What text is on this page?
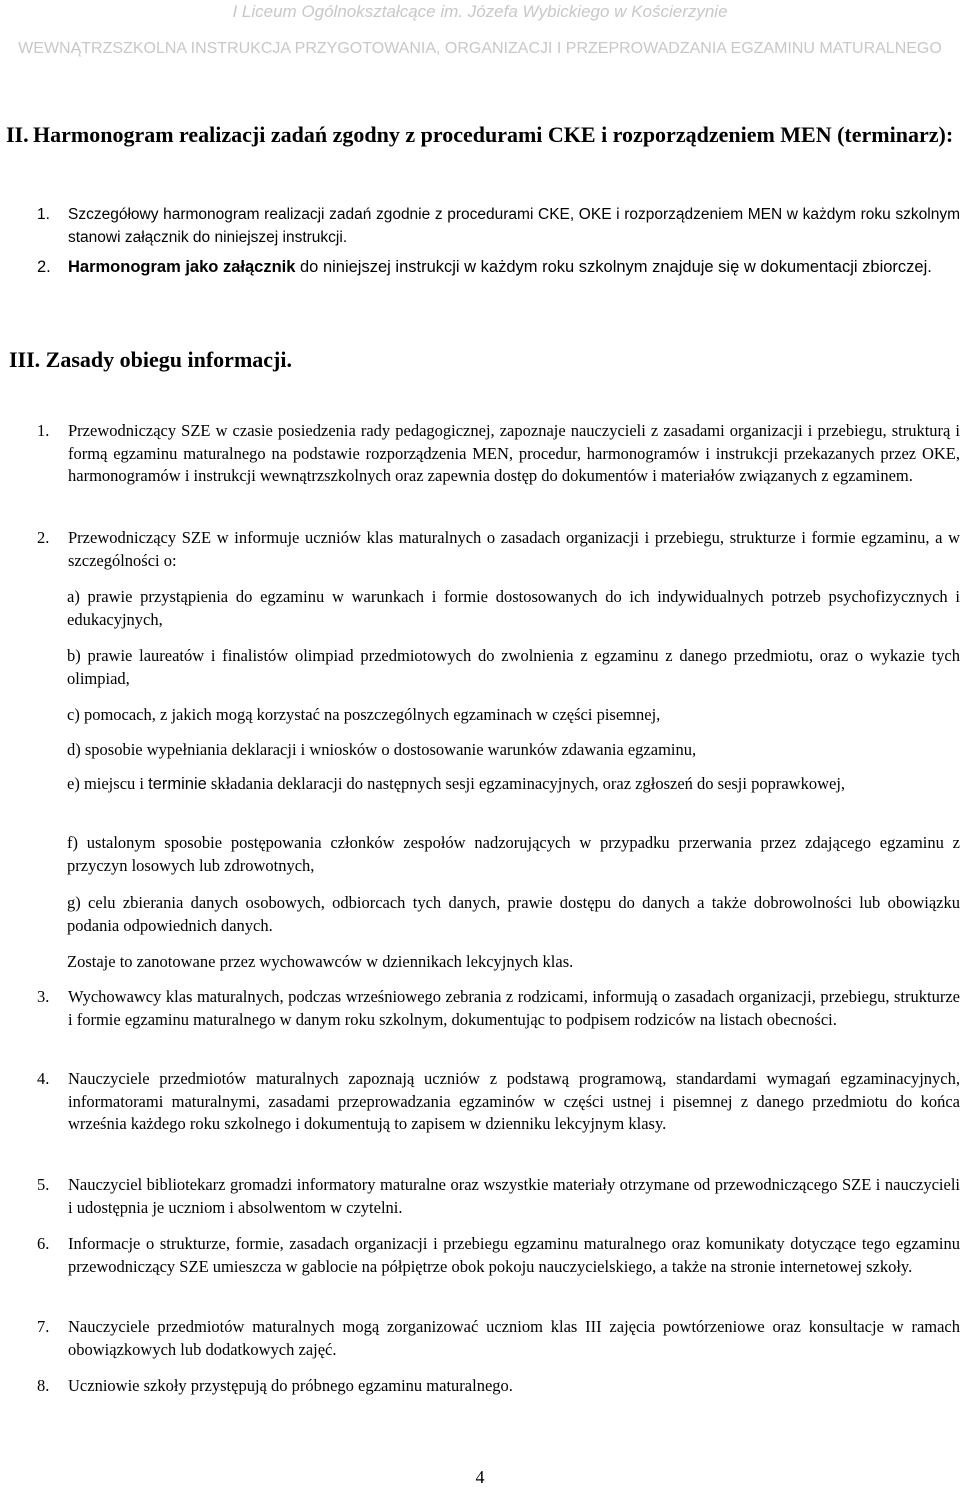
I Liceum Ogólnokształcące im. Józefa Wybickiego w Kościerzynie
WEWNĄTRZSZKOLNA INSTRUKCJA PRZYGOTOWANIA, ORGANIZACJI I PRZEPROWADZANIA EGZAMINU MATURALNEGO
II. Harmonogram realizacji zadań zgodny z procedurami CKE i rozporządzeniem MEN (terminarz):
1. Szczegółowy harmonogram realizacji zadań zgodnie z procedurami CKE, OKE i rozporządzeniem MEN w każdym roku szkolnym stanowi załącznik do niniejszej instrukcji.
2. Harmonogram jako załącznik do niniejszej instrukcji w każdym roku szkolnym znajduje się w dokumentacji zbiorczej.
III. Zasady obiegu informacji.
1. Przewodniczący SZE w czasie posiedzenia rady pedagogicznej, zapoznaje nauczycieli z zasadami organizacji i przebiegu, strukturą i formą egzaminu maturalnego na podstawie rozporządzenia MEN, procedur, harmonogramów i instrukcji przekazanych przez OKE, harmonogramów i instrukcji wewnątrzszkolnych oraz zapewnia dostęp do dokumentów i materiałów związanych z egzaminem.
2. Przewodniczący SZE w informuje uczniów klas maturalnych o zasadach organizacji i przebiegu, strukturze i formie egzaminu, a w szczególności o:
a) prawie przystąpienia do egzaminu w warunkach i formie dostosowanych do ich indywidualnych potrzeb psychofizycznych i edukacyjnych,
b) prawie laureatów i finalistów olimpiad przedmiotowych do zwolnienia z egzaminu z danego przedmiotu, oraz o wykazie tych olimpiad,
c) pomocach, z jakich mogą korzystać na poszczególnych egzaminach w części pisemnej,
d) sposobie wypełniania deklaracji i wniosków o dostosowanie warunków zdawania egzaminu,
e) miejscu i terminie składania deklaracji do następnych sesji egzaminacyjnych, oraz zgłoszeń do sesji poprawkowej,
f) ustalonym sposobie postępowania członków zespołów nadzorujących w przypadku przerwania przez zdającego egzaminu z przyczyn losowych lub zdrowotnych,
g) celu zbierania danych osobowych, odbiorcach tych danych, prawie dostępu do danych a także dobrowolności lub obowiązku podania odpowiednich danych.
Zostaje to zanotowane przez wychowawców w dziennikach lekcyjnych klas.
3. Wychowawcy klas maturalnych, podczas wrześniowego zebrania z rodzicami, informują o zasadach organizacji, przebiegu, strukturze i formie egzaminu maturalnego w danym roku szkolnym, dokumentując to podpisem rodziców na listach obecności.
4. Nauczyciele przedmiotów maturalnych zapoznają uczniów z podstawą programową, standardami wymagań egzaminacyjnych, informatorami maturalnymi, zasadami przeprowadzania egzaminów w części ustnej i pisemnej z danego przedmiotu do końca września każdego roku szkolnego i dokumentują to zapisem w dzienniku lekcyjnym klasy.
5. Nauczyciel bibliotekarz gromadzi informatory maturalne oraz wszystkie materiały otrzymane od przewodniczącego SZE i nauczycieli i udostępnia je uczniom i absolwentom w czytelni.
6. Informacje o strukturze, formie, zasadach organizacji i przebiegu egzaminu maturalnego oraz komunikaty dotyczące tego egzaminu przewodniczący SZE umieszcza w gablocie na półpiętrze obok pokoju nauczycielskiego, a także na stronie internetowej szkoły.
7. Nauczyciele przedmiotów maturalnych mogą zorganizować uczniom klas III zajęcia powtórzeniowe oraz konsultacje w ramach obowiązkowych lub dodatkowych zajęć.
8. Uczniowie szkoły przystępują do próbnego egzaminu maturalnego.
4
